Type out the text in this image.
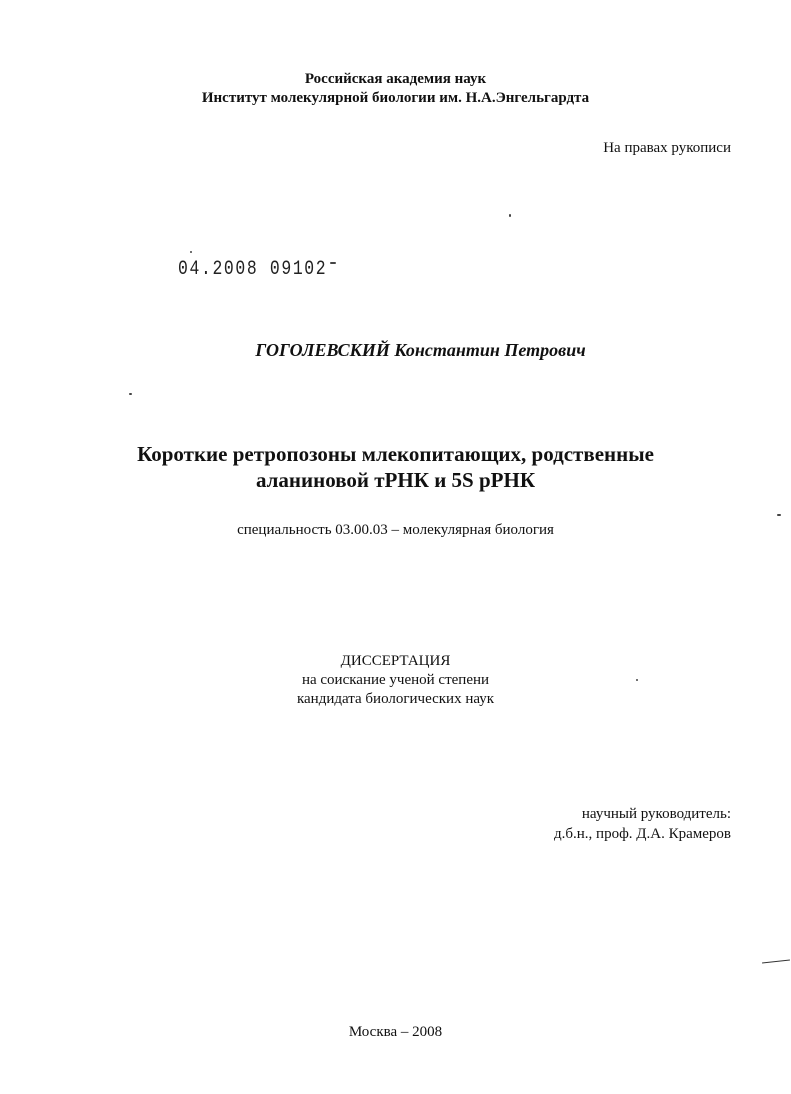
Российская академия наук
Институт молекулярной биологии им. Н.А.Энгельгардта
На правах рукописи
04.2008 09102
ГОГОЛЕВСКИЙ Константин Петрович
Короткие ретропозоны млекопитающих, родственные
аланиновой тРНК и 5S рРНК
специальность 03.00.03 – молекулярная биология
ДИССЕРТАЦИЯ
на соискание ученой степени
кандидата биологических наук
научный руководитель:
д.б.н., проф. Д.А. Крамеров
Москва – 2008
